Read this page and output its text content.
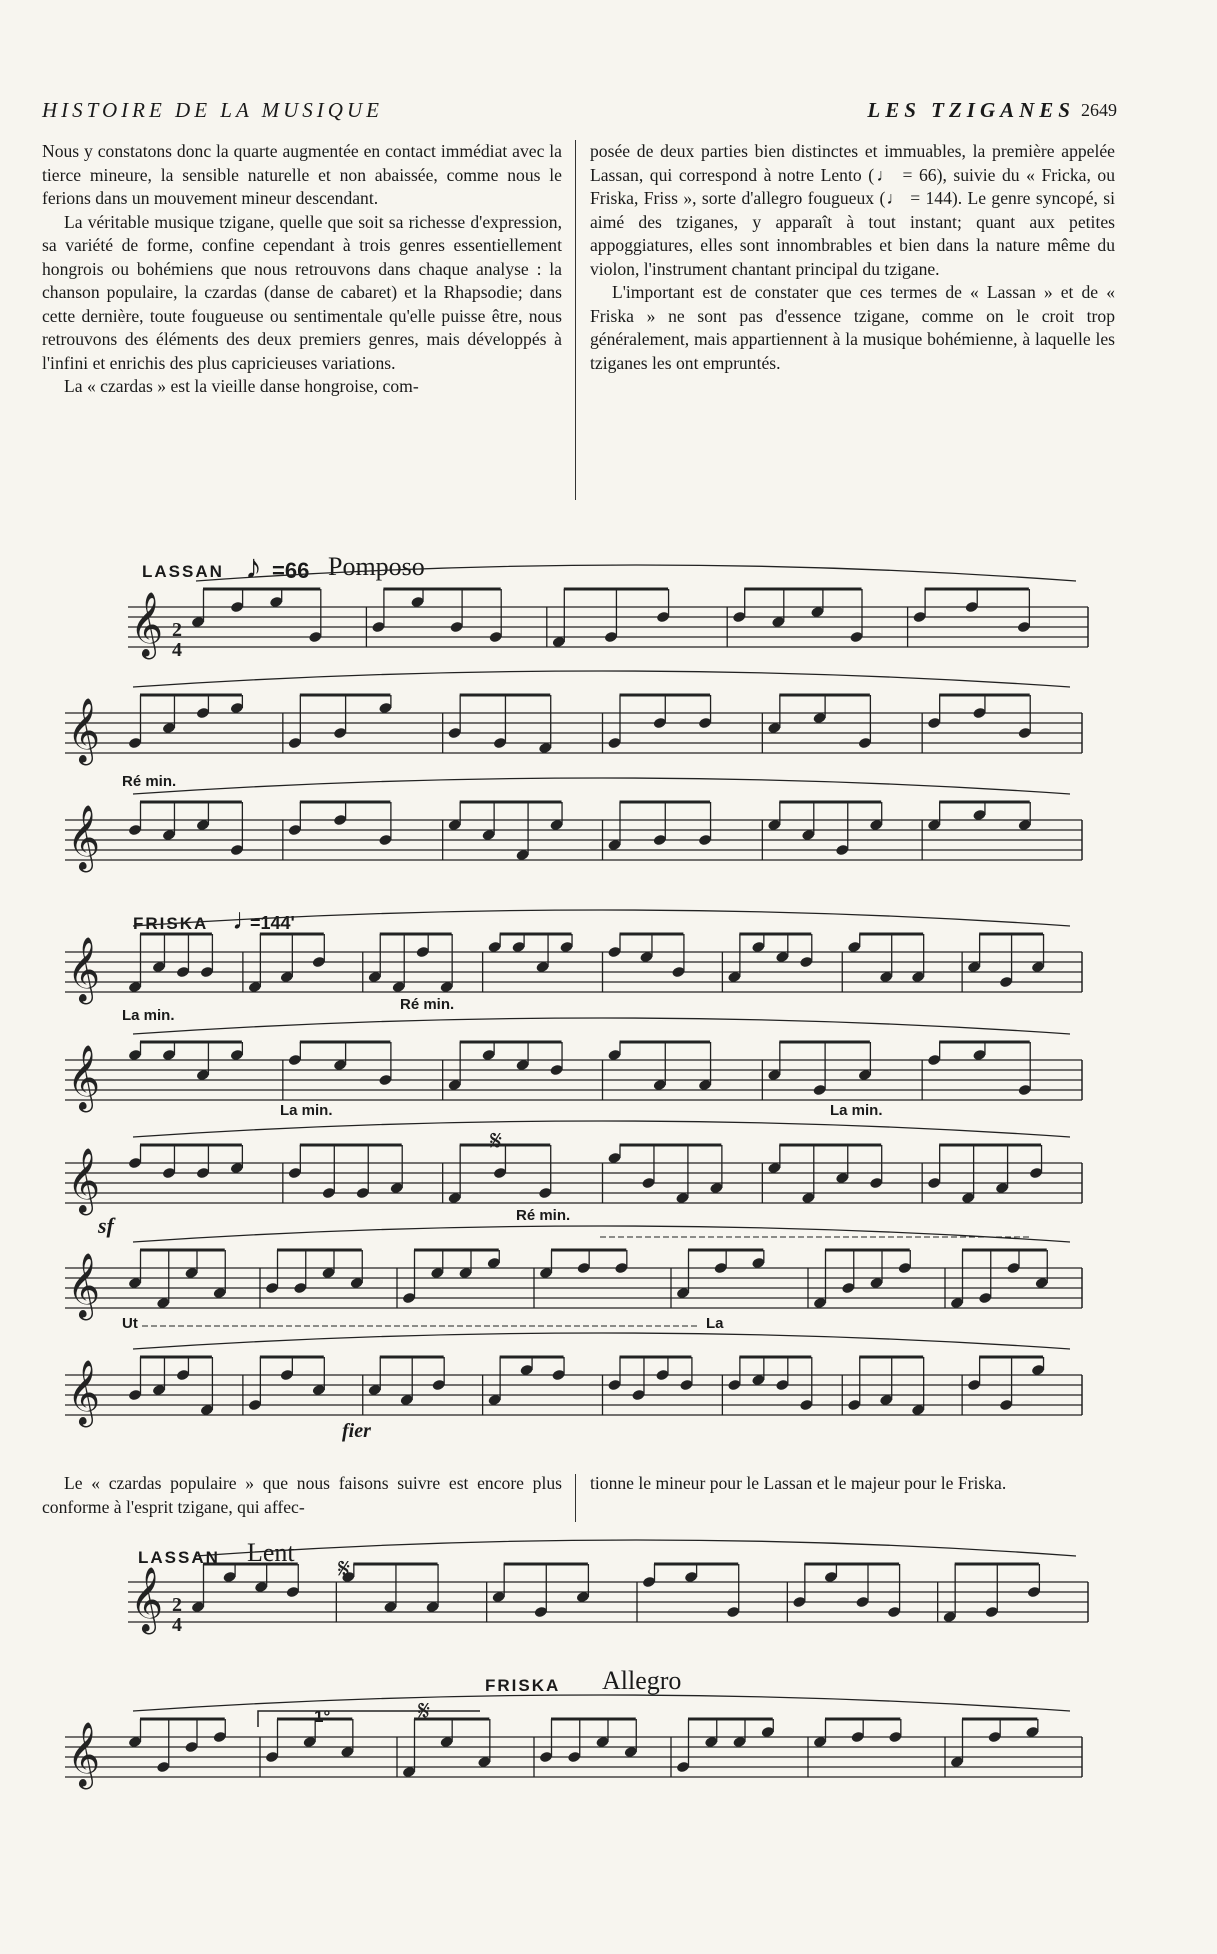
HISTOIRE DE LA MUSIQUE	LES TZIGANES 2649

Nous y constatons donc la quarte augmentée en contact immédiat avec la tierce mineure, la sensible naturelle et non abaissée, comme nous le ferions dans un mouvement mineur descendant.

La véritable musique tzigane, quelle que soit sa richesse d'expression, sa variété de forme, confine cependant à trois genres essentiellement hongrois ou bohémiens que nous retrouvons dans chaque analyse : la chanson populaire, la czardas (danse de cabaret) et la Rhapsodie; dans cette dernière, toute fougueuse ou sentimentale qu'elle puisse être, nous retrouvons des éléments des deux premiers genres, mais développés à l'infini et enrichis des plus capricieuses variations.

La « czardas » est la vieille danse hongroise, com-

posée de deux parties bien distinctes et immuables, la première appelée Lassan, qui correspond à notre Lento (♩ = 66), suivie du « Fricka, ou Friska, Friss », sorte d'allegro fougueux (♩ = 144). Le genre syncopé, si aimé des tziganes, y apparaît à tout instant; quant aux petites appoggiatures, elles sont innombrables et bien dans la nature même du violon, l'instrument chantant principal du tzigane.

L'important est de constater que ces termes de « Lassan » et de « Friska » ne sont pas d'essence tzigane, comme on le croit trop généralement, mais appartiennent à la musique bohémienne, à laquelle les tziganes les ont empruntés.

LASSAN ♪ =66 Pomposo
FRISKA ♩
=144'
Ré min.
La min.
Ré min.
La min.	La min.
sf	Ré min.
Ut	La
fier
Le « czardas populaire » que nous faisons suivre est encore plus conforme à l'esprit tzigane, qui affec-
tionne le mineur pour le Lassan et le majeur pour le Friska.
LASSAN Lent
FRISKA Allegro
1°
𝄞
𝄞
𝄞
𝄞
𝄞
𝄞
𝄞
𝄞
𝄞
𝄞
2
4
2
4
𝄋
𝄋
𝄋
